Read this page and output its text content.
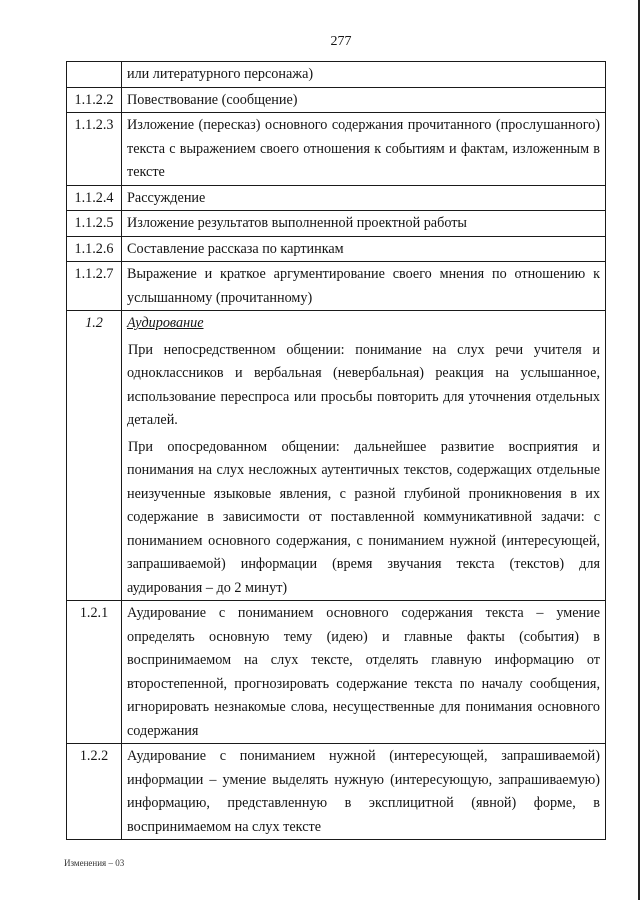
277
	или литературного персонажа)
1.1.2.2	Повествование (сообщение)
1.1.2.3	Изложение (пересказ) основного содержания прочитанного (прослушанного) текста с выражением своего отношения к событиям и фактам, изложенным в тексте
1.1.2.4	Рассуждение
1.1.2.5	Изложение результатов выполненной проектной работы
1.1.2.6	Составление рассказа по картинкам
1.1.2.7	Выражение и краткое аргументирование своего мнения по отношению к услышанному (прочитанному)
1.2	Аудирование
При непосредственном общении: понимание на слух речи учителя и одноклассников и вербальная (невербальная) реакция на услышанное, использование переспроса или просьбы повторить для уточнения отдельных деталей.
При опосредованном общении: дальнейшее развитие восприятия и понимания на слух несложных аутентичных текстов, содержащих отдельные неизученные языковые явления, с разной глубиной проникновения в их содержание в зависимости от поставленной коммуникативной задачи: с пониманием основного содержания, с пониманием нужной (интересующей, запрашиваемой) информации (время звучания текста (текстов) для аудирования – до 2 минут)

1.2.1	Аудирование с пониманием основного содержания текста – умение определять основную тему (идею) и главные факты (события) в воспринимаемом на слух тексте, отделять главную информацию от второстепенной, прогнозировать содержание текста по началу сообщения, игнорировать незнакомые слова, несущественные для понимания основного содержания
1.2.2	Аудирование с пониманием нужной (интересующей, запрашиваемой) информации – умение выделять нужную (интересующую, запрашиваемую) информацию, представленную в эксплицитной (явной) форме, в воспринимаемом на слух тексте
Изменения – 03
